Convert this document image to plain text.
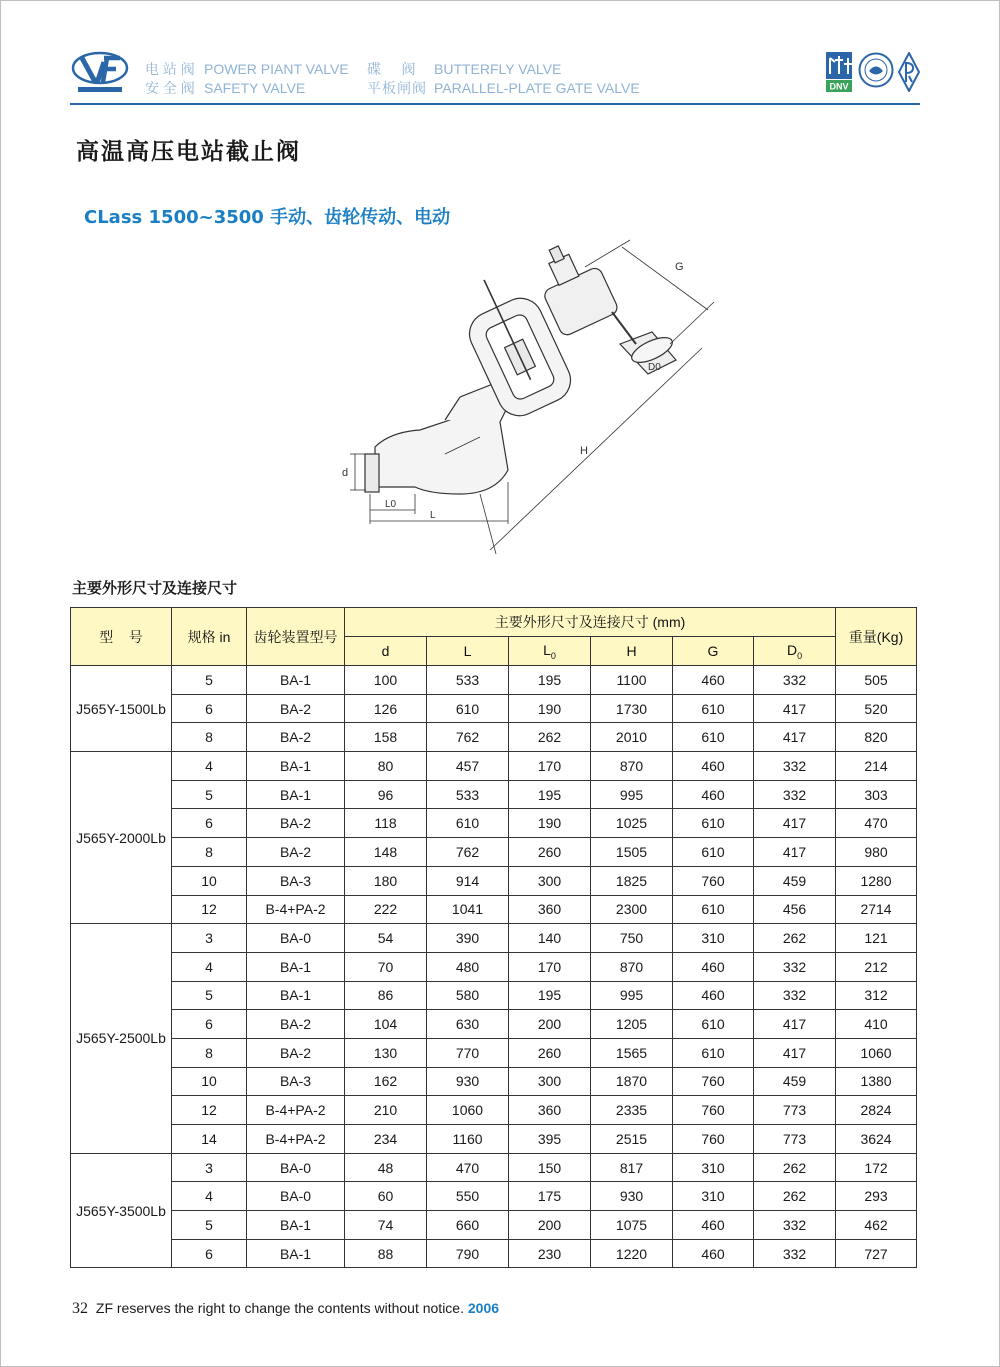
电 站 阀
安 全 阀
POWER PIANT VALVE
SAFETY VALVE
碟    阀
平板闸阀
BUTTERFLY VALVE
PARALLEL-PLATE GATE VALVE	DNV
高温高压电站截止阀
CLass 1500~3500 手动、齿轮传动、电动
G
D0
H
d
L0
L
主要外形尺寸及连接尺寸
型    号	规格 in	齿轮装置型号	主要外形尺寸及连接尺寸 (mm)						重量(Kg)
			d	L	$L_0$	H	G	$D_0$
J565Y-1500Lb	5	BA-1	100	533	195	1100	460	332	505
	6	BA-2	126	610	190	1730	610	417	520
	8	BA-2	158	762	262	2010	610	417	820
J565Y-2000Lb	4	BA-1	80	457	170	870	460	332	214
	5	BA-1	96	533	195	995	460	332	303
	6	BA-2	118	610	190	1025	610	417	470
	8	BA-2	148	762	260	1505	610	417	980
	10	BA-3	180	914	300	1825	760	459	1280
	12	B-4+PA-2	222	1041	360	2300	610	456	2714
J565Y-2500Lb	3	BA-0	54	390	140	750	310	262	121
	4	BA-1	70	480	170	870	460	332	212
	5	BA-1	86	580	195	995	460	332	312
	6	BA-2	104	630	200	1205	610	417	410
	8	BA-2	130	770	260	1565	610	417	1060
	10	BA-3	162	930	300	1870	760	459	1380
	12	B-4+PA-2	210	1060	360	2335	760	773	2824
	14	B-4+PA-2	234	1160	395	2515	760	773	3624
J565Y-3500Lb	3	BA-0	48	470	150	817	310	262	172
	4	BA-0	60	550	175	930	310	262	293
	5	BA-1	74	660	200	1075	460	332	462
	6	BA-1	88	790	230	1220	460	332	727
32 ZF reserves the right to change the contents without notice. 2006
